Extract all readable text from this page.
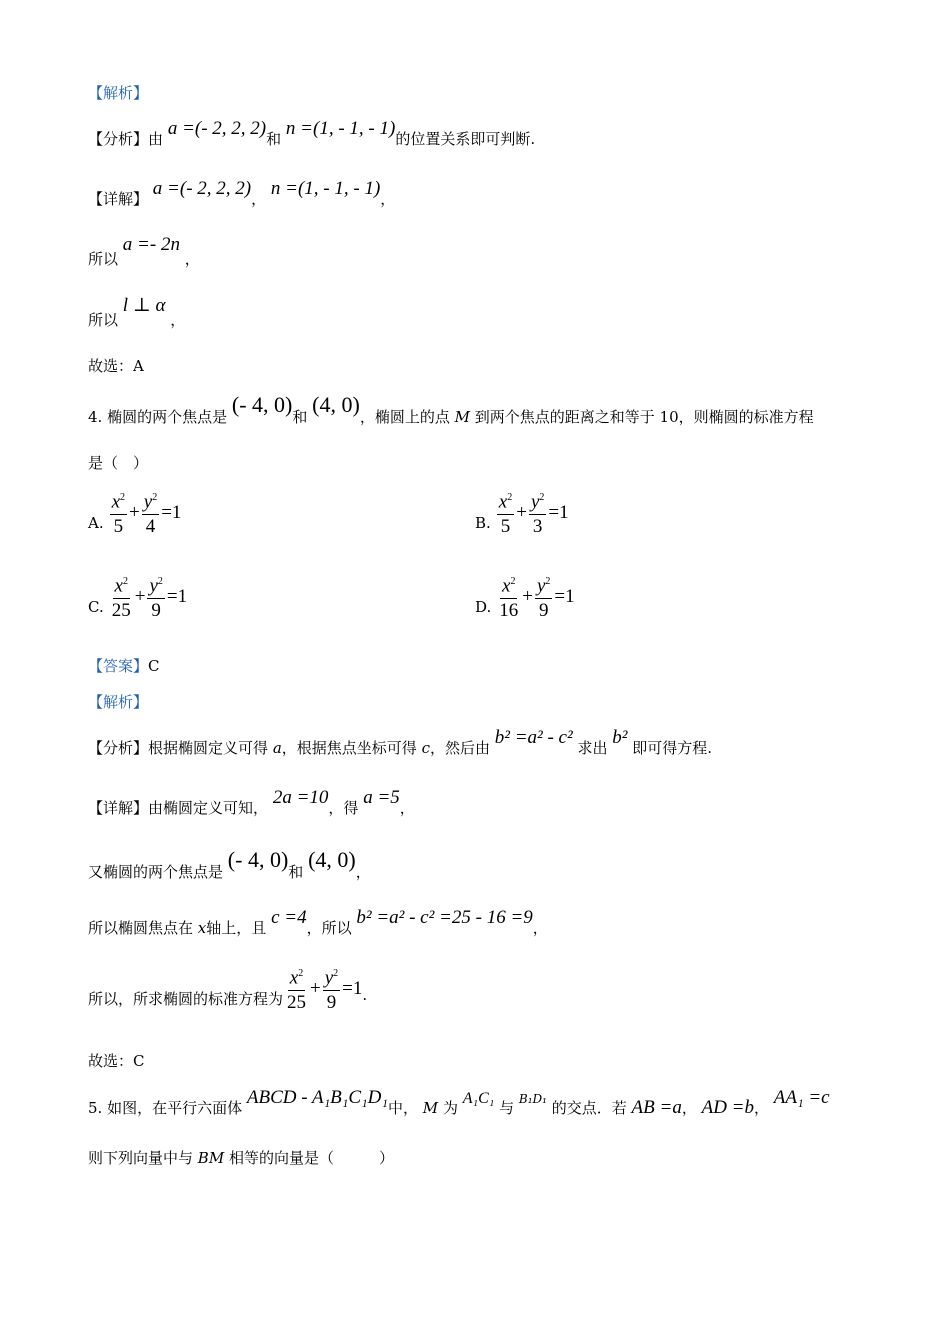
【解析】
【分析】由 a =(- 2, 2, 2)和 n =(1, - 1, - 1)的位置关系即可判断.
【详解】 a =(- 2, 2, 2)， n =(1, - 1, - 1)，
所以 a =- 2n ，
所以 l ⊥ α ，
故选：A
4. 椭圆的两个焦点是 (- 4, 0)和 (4, 0)，椭圆上的点 M 到两个焦点的距离之和等于 10，则椭圆的标准方程
是（　）
A. $\frac{x^2}{5} + \frac{y^2}{4} =1$	B. $\frac{x^2}{5} + \frac{y^2}{3} =1$
C. $\frac{x^2}{25} + \frac{y^2}{9} =1$	D. $\frac{x^2}{16} + \frac{y^2}{9} =1$
【答案】C
【解析】
【分析】根据椭圆定义可得 a，根据焦点坐标可得 c，然后由 b² =a² - c² 求出 b² 即可得方程.
【详解】由椭圆定义可知， 2a =10，得 a =5，
又椭圆的两个焦点是 (- 4, 0)和 (4, 0)，
所以椭圆焦点在 x轴上，且 c =4，所以 b² =a² - c² =25 - 16 =9，
所以，所求椭圆的标准方程为 $\frac{x^2}{25} + \frac{y^2}{9} =1$ .
故选：C
5. 如图，在平行六面体 ABCD - A₁B₁C₁D₁中， M 为 A₁C₁ 与 $^{B_1D_1}$ 的交点．若 AB =a， AD =b， AA₁ =c
则下列向量中与 BM 相等的向量是（　　　）
